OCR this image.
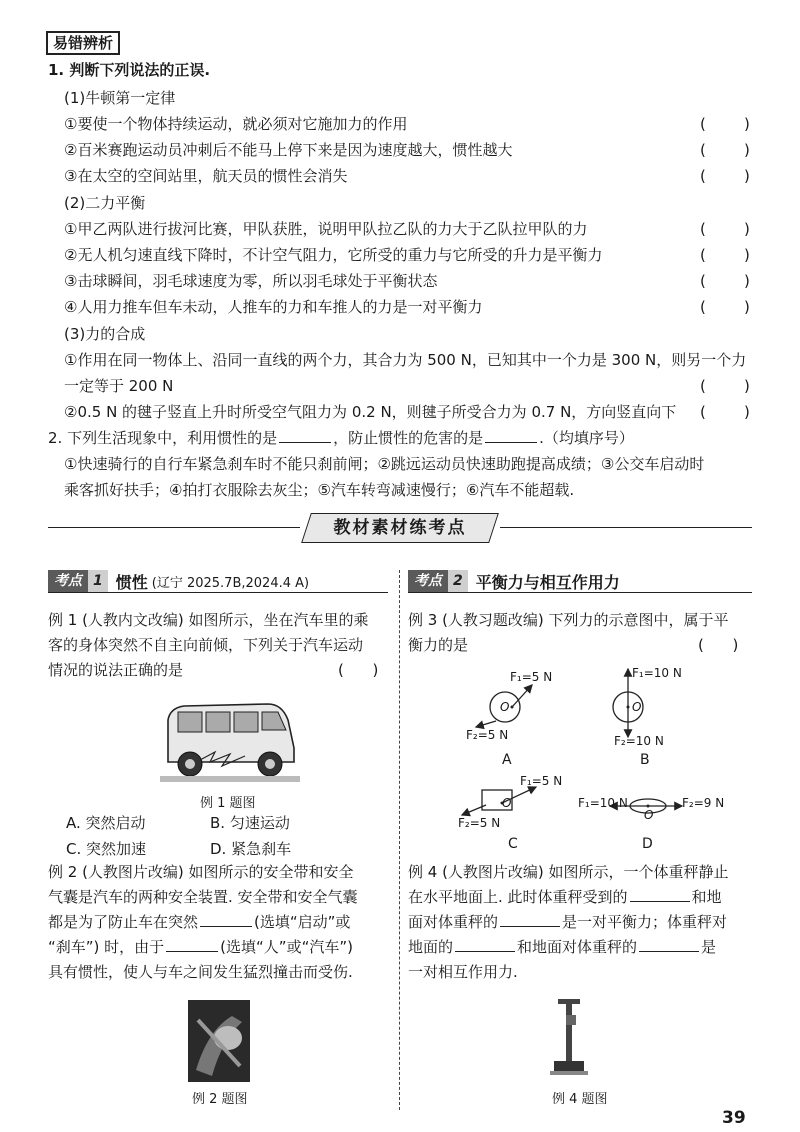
易错辨析
1. 判断下列说法的正误.
(1)牛顿第一定律
①要使一个物体持续运动，就必须对它施加力的作用	(        )
②百米赛跑运动员冲刺后不能马上停下来是因为速度越大，惯性越大	(        )
③在太空的空间站里，航天员的惯性会消失	(        )
(2)二力平衡
①甲乙两队进行拔河比赛，甲队获胜，说明甲队拉乙队的力大于乙队拉甲队的力	(        )
②无人机匀速直线下降时，不计空气阻力，它所受的重力与它所受的升力是平衡力	(        )
③击球瞬间，羽毛球速度为零，所以羽毛球处于平衡状态	(        )
④人用力推车但车未动，人推车的力和车推人的力是一对平衡力	(        )
(3)力的合成
①作用在同一物体上、沿同一直线的两个力，其合力为 500 N，已知其中一个力是 300 N，则另一个力
一定等于 200 N	(        )
②0.5 N 的毽子竖直上升时所受空气阻力为 0.2 N，则毽子所受合力为 0.7 N，方向竖直向下 (        )
2. 下列生活现象中，利用惯性的是	，防止惯性的危害的是	.（均填序号）
①快速骑行的自行车紧急刹车时不能只刹前闸；②跳远运动员快速助跑提高成绩；③公交车启动时
乘客抓好扶手；④拍打衣服除去灰尘；⑤汽车转弯减速慢行；⑥汽车不能超载.
教材素材练考点
考点 1 惯性 (辽宁 2025.7B,2024.4 A)	考点 2 平衡力与相互作用力
例 1 (人教内文改编) 如图所示，坐在汽车里的乘
客的身体突然不自主向前倾，下列关于汽车运动
情况的说法正确的是	(      )
例 1 题图
A. 突然启动	B. 匀速运动
C. 突然加速	D. 紧急刹车
例 2 (人教图片改编) 如图所示的安全带和安全
气囊是汽车的两种安全装置. 安全带和安全气囊
都是为了防止车在突然	(选填“启动”或
“刹车”) 时，由于	(选填“人”或“汽车”)
具有惯性，使人与车之间发生猛烈撞击而受伤.
例 2 题图
例 3 (人教习题改编) 下列力的示意图中，属于平
衡力的是	(      )
F₁=5 N
O
F₂=5 N
A
F₁=10 N
O
F₂=10 N
B
F₁=5 N
O
F₂=5 N
C
F₁=10 N
O
F₂=9 N
D
例 4 (人教图片改编) 如图所示，一个体重秤静止
在水平地面上. 此时体重秤受到的	和地
面对体重秤的	是一对平衡力；体重秤对
地面的	和地面对体重秤的	是
一对相互作用力.
例 4 题图
39
